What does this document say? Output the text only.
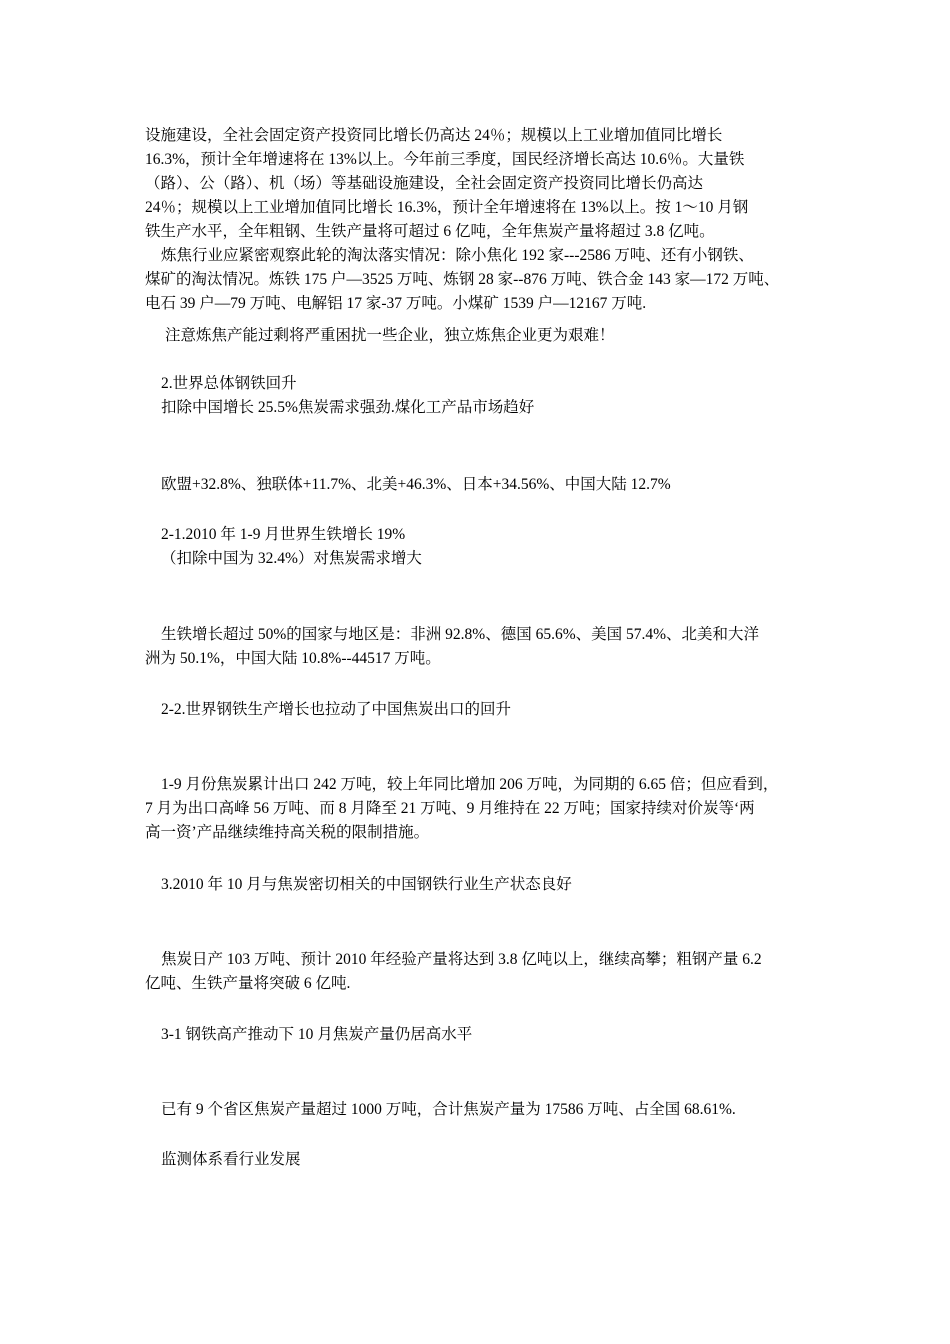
设施建设，全社会固定资产投资同比增长仍高达 24％；规模以上工业增加值同比增长
16.3%，预计全年增速将在 13%以上。今年前三季度，国民经济增长高达 10.6％。大量铁
（路）、公（路）、机（场）等基础设施建设，全社会固定资产投资同比增长仍高达
24％；规模以上工业增加值同比增长 16.3%，预计全年增速将在 13%以上。按 1～10 月钢
铁生产水平，全年粗钢、生铁产量将可超过 6 亿吨，全年焦炭产量将超过 3.8 亿吨。
炼焦行业应紧密观察此轮的淘汰落实情况：除小焦化 192 家---2586 万吨、还有小钢铁、
煤矿的淘汰情况。炼铁 175 户—3525 万吨、炼钢 28 家--876 万吨、铁合金 143 家—172 万吨、
电石 39 户—79 万吨、电解铝 17 家-37 万吨。小煤矿 1539 户—12167 万吨.
注意炼焦产能过剩将严重困扰一些企业，独立炼焦企业更为艰难！
2.世界总体钢铁回升
扣除中国增长 25.5%焦炭需求强劲.煤化工产品市场趋好
欧盟+32.8%、独联体+11.7%、北美+46.3%、日本+34.56%、中国大陆 12.7%
2-1.2010 年 1-9 月世界生铁增长 19%
（扣除中国为 32.4%）对焦炭需求增大
生铁增长超过 50%的国家与地区是：非洲 92.8%、德国 65.6%、美国 57.4%、北美和大洋
洲为 50.1%，中国大陆 10.8%--44517 万吨。
2-2.世界钢铁生产增长也拉动了中国焦炭出口的回升
1-9 月份焦炭累计出口 242 万吨，较上年同比增加 206 万吨，为同期的 6.65 倍；但应看到，
7 月为出口高峰 56 万吨、而 8 月降至 21 万吨、9 月维持在 22 万吨；国家持续对价炭等‘两
高一资’产品继续维持高关税的限制措施。
3.2010 年 10 月与焦炭密切相关的中国钢铁行业生产状态良好
焦炭日产 103 万吨、预计 2010 年经验产量将达到 3.8 亿吨以上，继续高攀；粗钢产量 6.2
亿吨、生铁产量将突破 6 亿吨.
3-1 钢铁高产推动下 10 月焦炭产量仍居高水平
已有 9 个省区焦炭产量超过 1000 万吨，合计焦炭产量为 17586 万吨、占全国 68.61%.
监测体系看行业发展
